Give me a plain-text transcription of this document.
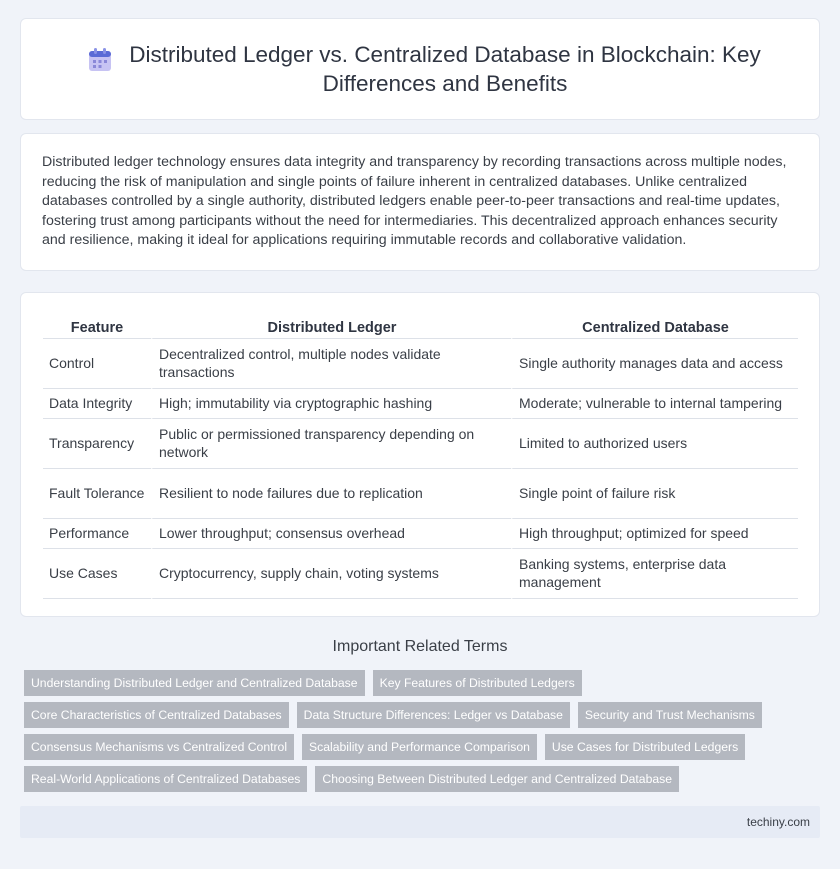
Distributed Ledger vs. Centralized Database in Blockchain: Key Differences and Benefits

Distributed ledger technology ensures data integrity and transparency by recording transactions across multiple nodes, reducing the risk of manipulation and single points of failure inherent in centralized databases. Unlike centralized databases controlled by a single authority, distributed ledgers enable peer-to-peer transactions and real-time updates, fostering trust among participants without the need for intermediaries. This decentralized approach enhances security and resilience, making it ideal for applications requiring immutable records and collaborative validation.

Feature	Distributed Ledger	Centralized Database
Control	Decentralized control, multiple nodes validate transactions	Single authority manages data and access
Data Integrity	High; immutability via cryptographic hashing	Moderate; vulnerable to internal tampering
Transparency	Public or permissioned transparency depending on network	Limited to authorized users
Fault Tolerance	Resilient to node failures due to replication	Single point of failure risk
Performance	Lower throughput; consensus overhead	High throughput; optimized for speed
Use Cases	Cryptocurrency, supply chain, voting systems	Banking systems, enterprise data management
Important Related Terms
Understanding Distributed Ledger and Centralized Database	Key Features of Distributed Ledgers
Core Characteristics of Centralized Databases	Data Structure Differences: Ledger vs Database	Security and Trust Mechanisms
Consensus Mechanisms vs Centralized Control	Scalability and Performance Comparison	Use Cases for Distributed Ledgers
Real-World Applications of Centralized Databases	Choosing Between Distributed Ledger and Centralized Database
techiny.com
